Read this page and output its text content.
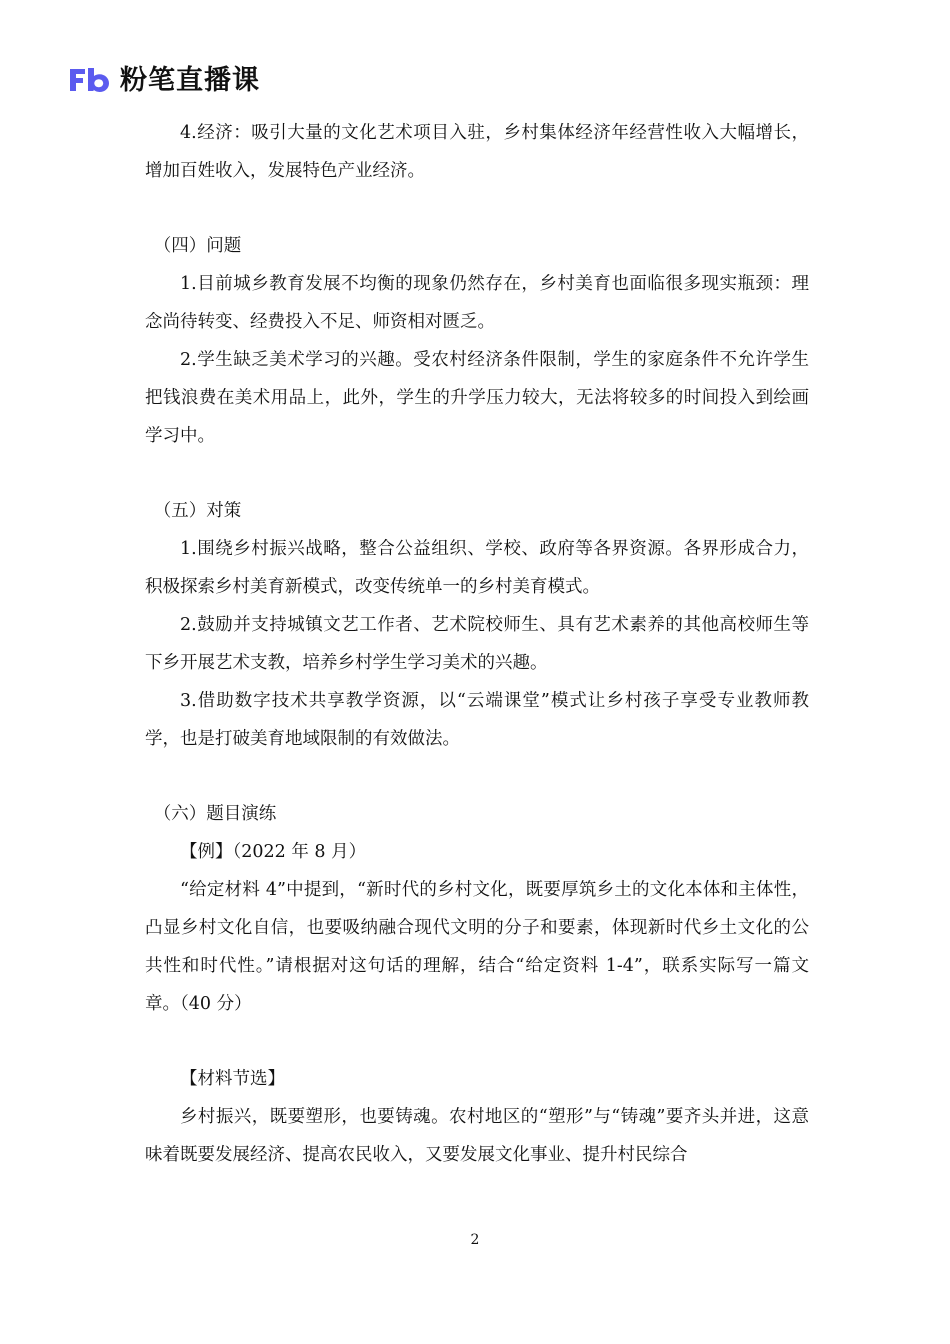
粉笔直播课

4.经济：吸引大量的文化艺术项目入驻，乡村集体经济年经营性收入大幅增长，增加百姓收入，发展特色产业经济。

（四）问题

1.目前城乡教育发展不均衡的现象仍然存在，乡村美育也面临很多现实瓶颈：理念尚待转变、经费投入不足、师资相对匮乏。

2.学生缺乏美术学习的兴趣。受农村经济条件限制，学生的家庭条件不允许学生把钱浪费在美术用品上，此外，学生的升学压力较大，无法将较多的时间投入到绘画学习中。

（五）对策

1.围绕乡村振兴战略，整合公益组织、学校、政府等各界资源。各界形成合力，积极探索乡村美育新模式，改变传统单一的乡村美育模式。

2.鼓励并支持城镇文艺工作者、艺术院校师生、具有艺术素养的其他高校师生等下乡开展艺术支教，培养乡村学生学习美术的兴趣。

3.借助数字技术共享教学资源，以“云端课堂”模式让乡村孩子享受专业教师教学，也是打破美育地域限制的有效做法。

（六）题目演练

【例】（2022 年 8 月）

“给定材料 4”中提到，“新时代的乡村文化，既要厚筑乡土的文化本体和主体性，凸显乡村文化自信，也要吸纳融合现代文明的分子和要素，体现新时代乡土文化的公共性和时代性。”请根据对这句话的理解，结合“给定资料 1-4”，联系实际写一篇文章。（40 分）

【材料节选】

乡村振兴，既要塑形，也要铸魂。农村地区的“塑形”与“铸魂”要齐头并进，这意味着既要发展经济、提高农民收入，又要发展文化事业、提升村民综合

2
